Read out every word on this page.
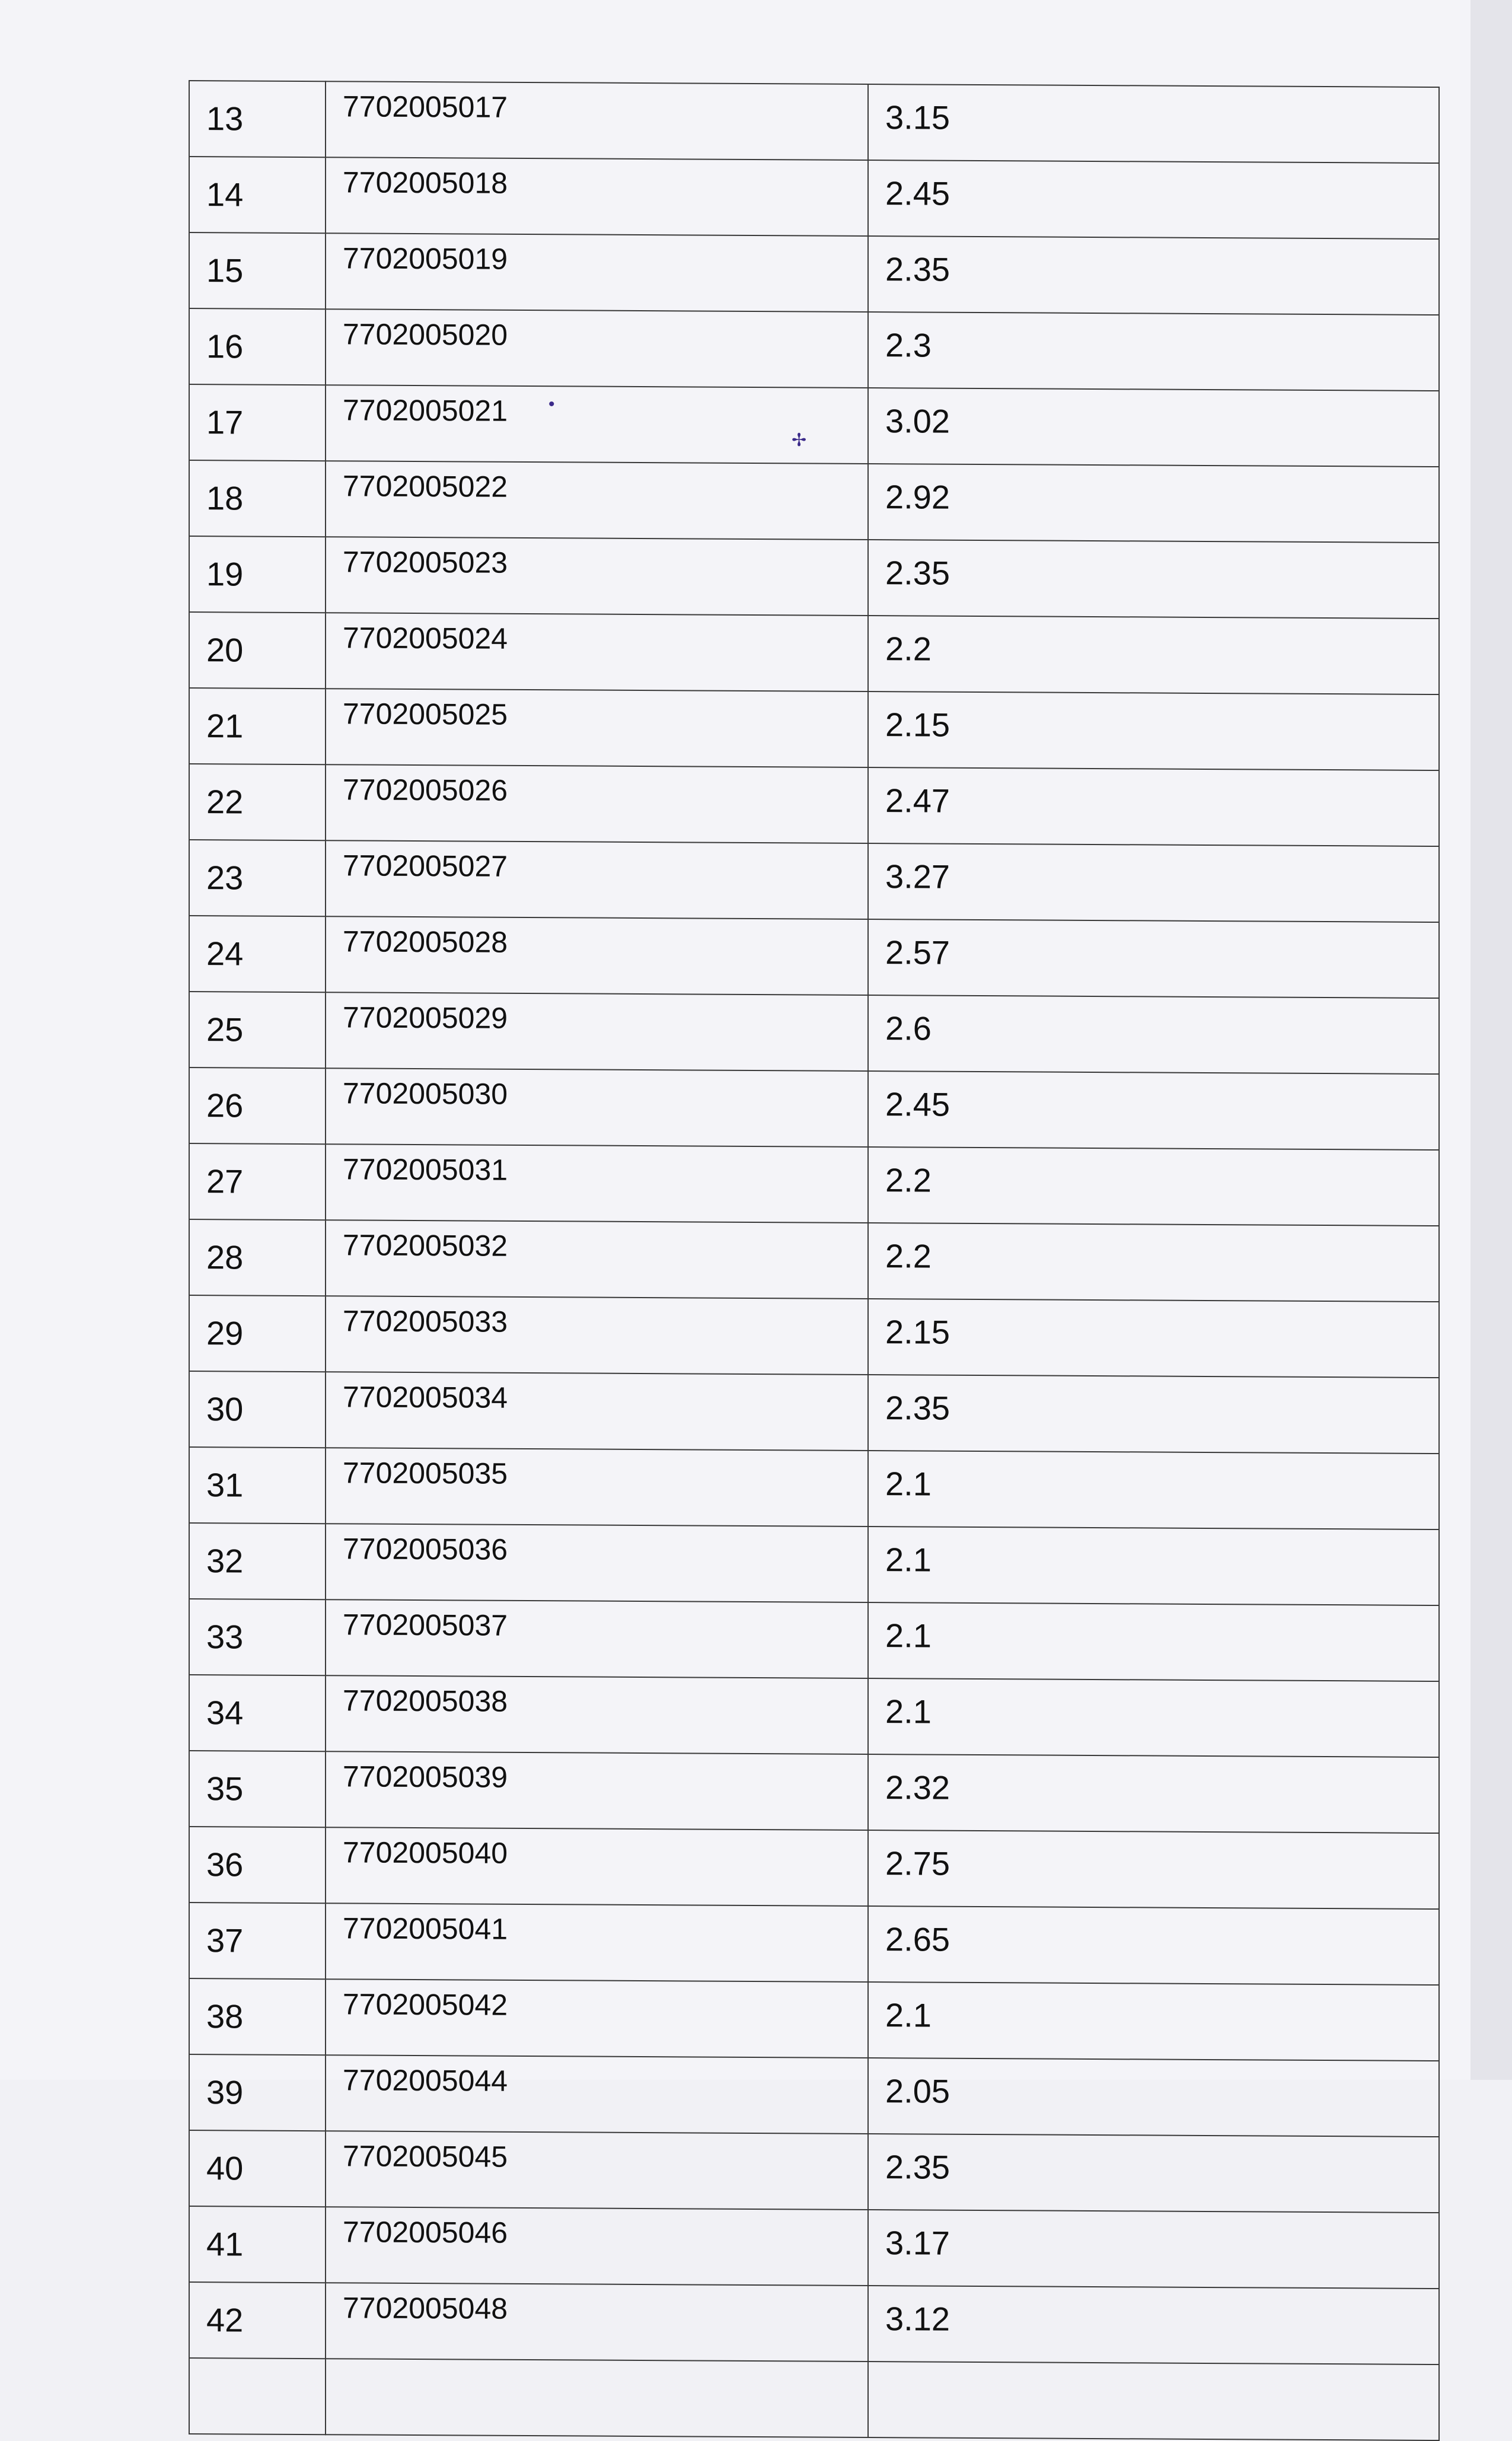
13	7702005017	3.15
14	7702005018	2.45
15	7702005019	2.35
16	7702005020	2.3
17	7702005021	3.02
18	7702005022	2.92
19	7702005023	2.35
20	7702005024	2.2
21	7702005025	2.15
22	7702005026	2.47
23	7702005027	3.27
24	7702005028	2.57
25	7702005029	2.6
26	7702005030	2.45
27	7702005031	2.2
28	7702005032	2.2
29	7702005033	2.15
30	7702005034	2.35
31	7702005035	2.1
32	7702005036	2.1
33	7702005037	2.1
34	7702005038	2.1
35	7702005039	2.32
36	7702005040	2.75
37	7702005041	2.65
38	7702005042	2.1
39	7702005044	2.05
40	7702005045	2.35
41	7702005046	3.17
42	7702005048	3.12

•
✢
